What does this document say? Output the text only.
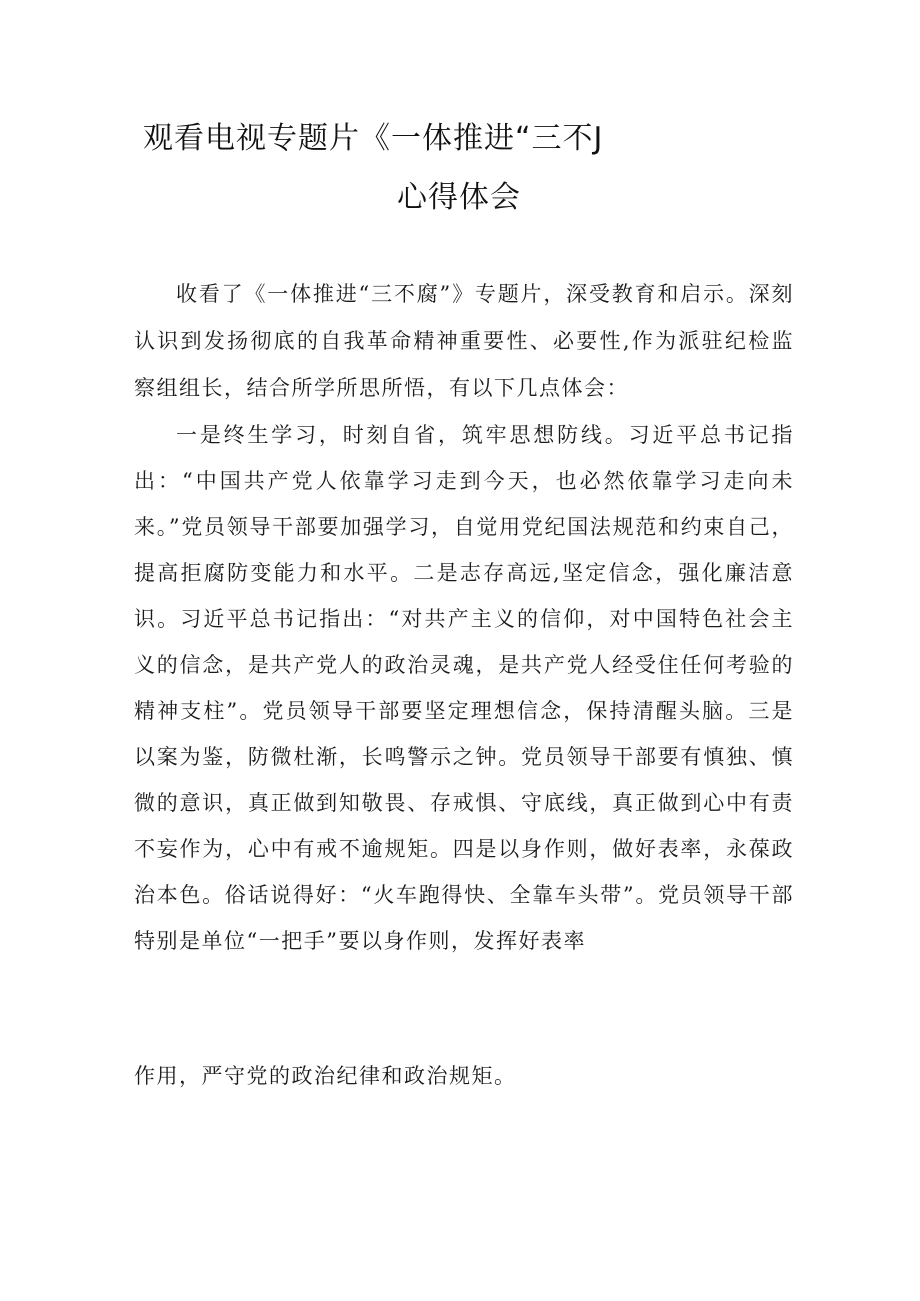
观看电视专题片《一体推进“三不J
心得体会
收看了《一体推进“三不腐”》专题片，深受教育和启示。深刻认识到发扬彻底的自我革命精神重要性、必要性,作为派驻纪检监察组组长，结合所学所思所悟，有以下几点体会：
一是终生学习，时刻自省，筑牢思想防线。习近平总书记指出：“中国共产党人依靠学习走到今天，也必然依靠学习走向未来。”党员领导干部要加强学习，自觉用党纪国法规范和约束自己，提高拒腐防变能力和水平。二是志存高远,坚定信念，强化廉洁意识。习近平总书记指出：“对共产主义的信仰，对中国特色社会主义的信念，是共产党人的政治灵魂，是共产党人经受住任何考验的精神支柱”。党员领导干部要坚定理想信念，保持清醒头脑。三是以案为鉴，防微杜渐，长鸣警示之钟。党员领导干部要有慎独、慎微的意识，真正做到知敬畏、存戒惧、守底线，真正做到心中有责不妄作为，心中有戒不逾规矩。四是以身作则，做好表率，永葆政治本色。俗话说得好：“火车跑得快、全靠车头带”。党员领导干部特别是单位“一把手”要以身作则，发挥好表率
作用，严守党的政治纪律和政治规矩。
